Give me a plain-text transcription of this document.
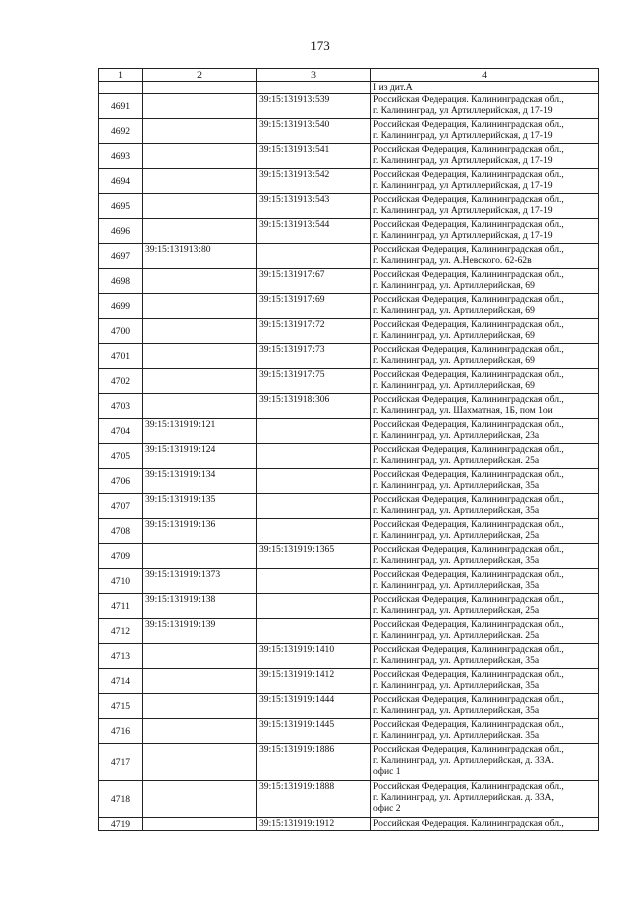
173
1	2	3	4
			I из дит.А
4691		39:15:131913:539	Российская Федерация. Калининградская обл.,
г. Калининград, ул Артиллерийская, д 17-19

4692		39:15:131913:540	Российская Федерация, Калининградская обл.,
г. Калининград, ул Артиллерийская, д 17-19

4693		39:15:131913:541	Российская Федерация, Калининградская обл.,
г. Калининград, ул Артиллерийская, д 17-19

4694		39:15:131913:542	Российская Федерация, Калининградская обл.,
г. Калининград, ул Артиллерийская, д 17-19

4695		39:15:131913:543	Российская Федерация, Калининградская обл.,
г. Калининград, ул Артиллерийская, д 17-19

4696		39:15:131913:544	Российская Федерация, Калининградская обл.,
г. Калининград, ул Артиллерийская, д 17-19

4697	39:15:131913:80		Российская Федерация, Калининградская обл.,
г. Калининград, ул. А.Невского. 62-62в

4698		39:15:131917:67	Российская Федерация, Калининградская обл.,
г. Калининград, ул. Артиллерийская, 69

4699		39:15:131917:69	Российская Федерация, Калининградская обл.,
г. Калининград, ул. Артиллерийская, 69

4700		39:15:131917:72	Российская Федерация, Калининградская обл.,
г. Калининград, ул. Артиллерийская, 69

4701		39:15:131917:73	Российская Федерация, Калининградская обл.,
г. Калининград, ул. Артиллерийская, 69

4702		39:15:131917:75	Российская Федерация, Калининградская обл.,
г. Калининград, ул. Артиллерийская, 69

4703		39:15:131918:306	Российская Федерация, Калининградская обл.,
г. Калининград, ул. Шахматная, 1Б, пом 1ои

4704	39:15:131919:121		Российская Федерация, Калининградская обл.,
г. Калининград, ул. Артиллерийская, 23а

4705	39:15:131919:124		Российская Федерация, Калининградская обл.,
г. Калининград, ул. Артиллерийская. 25а

4706	39:15:131919:134		Российская Федерация, Калининградская обл.,
г. Калининград, ул. Артиллерийская, 35а

4707	39:15:131919:135		Российская Федерация, Калининградская обл.,
г. Калининград, ул. Артиллерийская, 35а

4708	39:15:131919:136		Российская Федерация, Калининградская обл.,
г. Калининград, ул. Артиллерийская, 25а

4709		39:15:131919:1365	Российская Федерация, Калининградская обл.,
г. Калининград, ул. Артиллерийская, 35а

4710	39:15:131919:1373		Российская Федерация, Калининградская обл.,
г. Калининград, ул. Артиллерийская, 35а

4711	39:15:131919:138		Российская Федерация, Калининградская обл.,
г. Калининград, ул. Артиллерийская, 25а

4712	39:15:131919:139		Российская Федерация, Калининградская обл.,
г. Калининград, ул. Артиллерийская. 25а

4713		39:15:131919:1410	Российская Федерация, Калининградская обл.,
г. Калининград, ул. Артиллерийская, 35а

4714		39:15:131919:1412	Российская Федерация, Калининградская обл.,
г. Калининград, ул. Артиллерийская, 35а

4715		39:15:131919:1444	Российская Федерация, Калининградская обл.,
г. Калининград, ул. Артиллерийская, 35а

4716		39:15:131919:1445	Российская Федерация, Калининградская обл.,
г. Калининград, ул. Артиллерийская. 35а

4717		39:15:131919:1886	Российская Федерация, Калининградская обл.,
г. Калининград, ул. Артиллерийская, д. 33А.
офис 1

4718		39:15:131919:1888	Российская Федерация, Калининградская обл.,
г. Калининград, ул. Артиллерийская. д. 33А,
офис 2

4719		39:15:131919:1912	Российская Федерация. Калининградская обл.,
